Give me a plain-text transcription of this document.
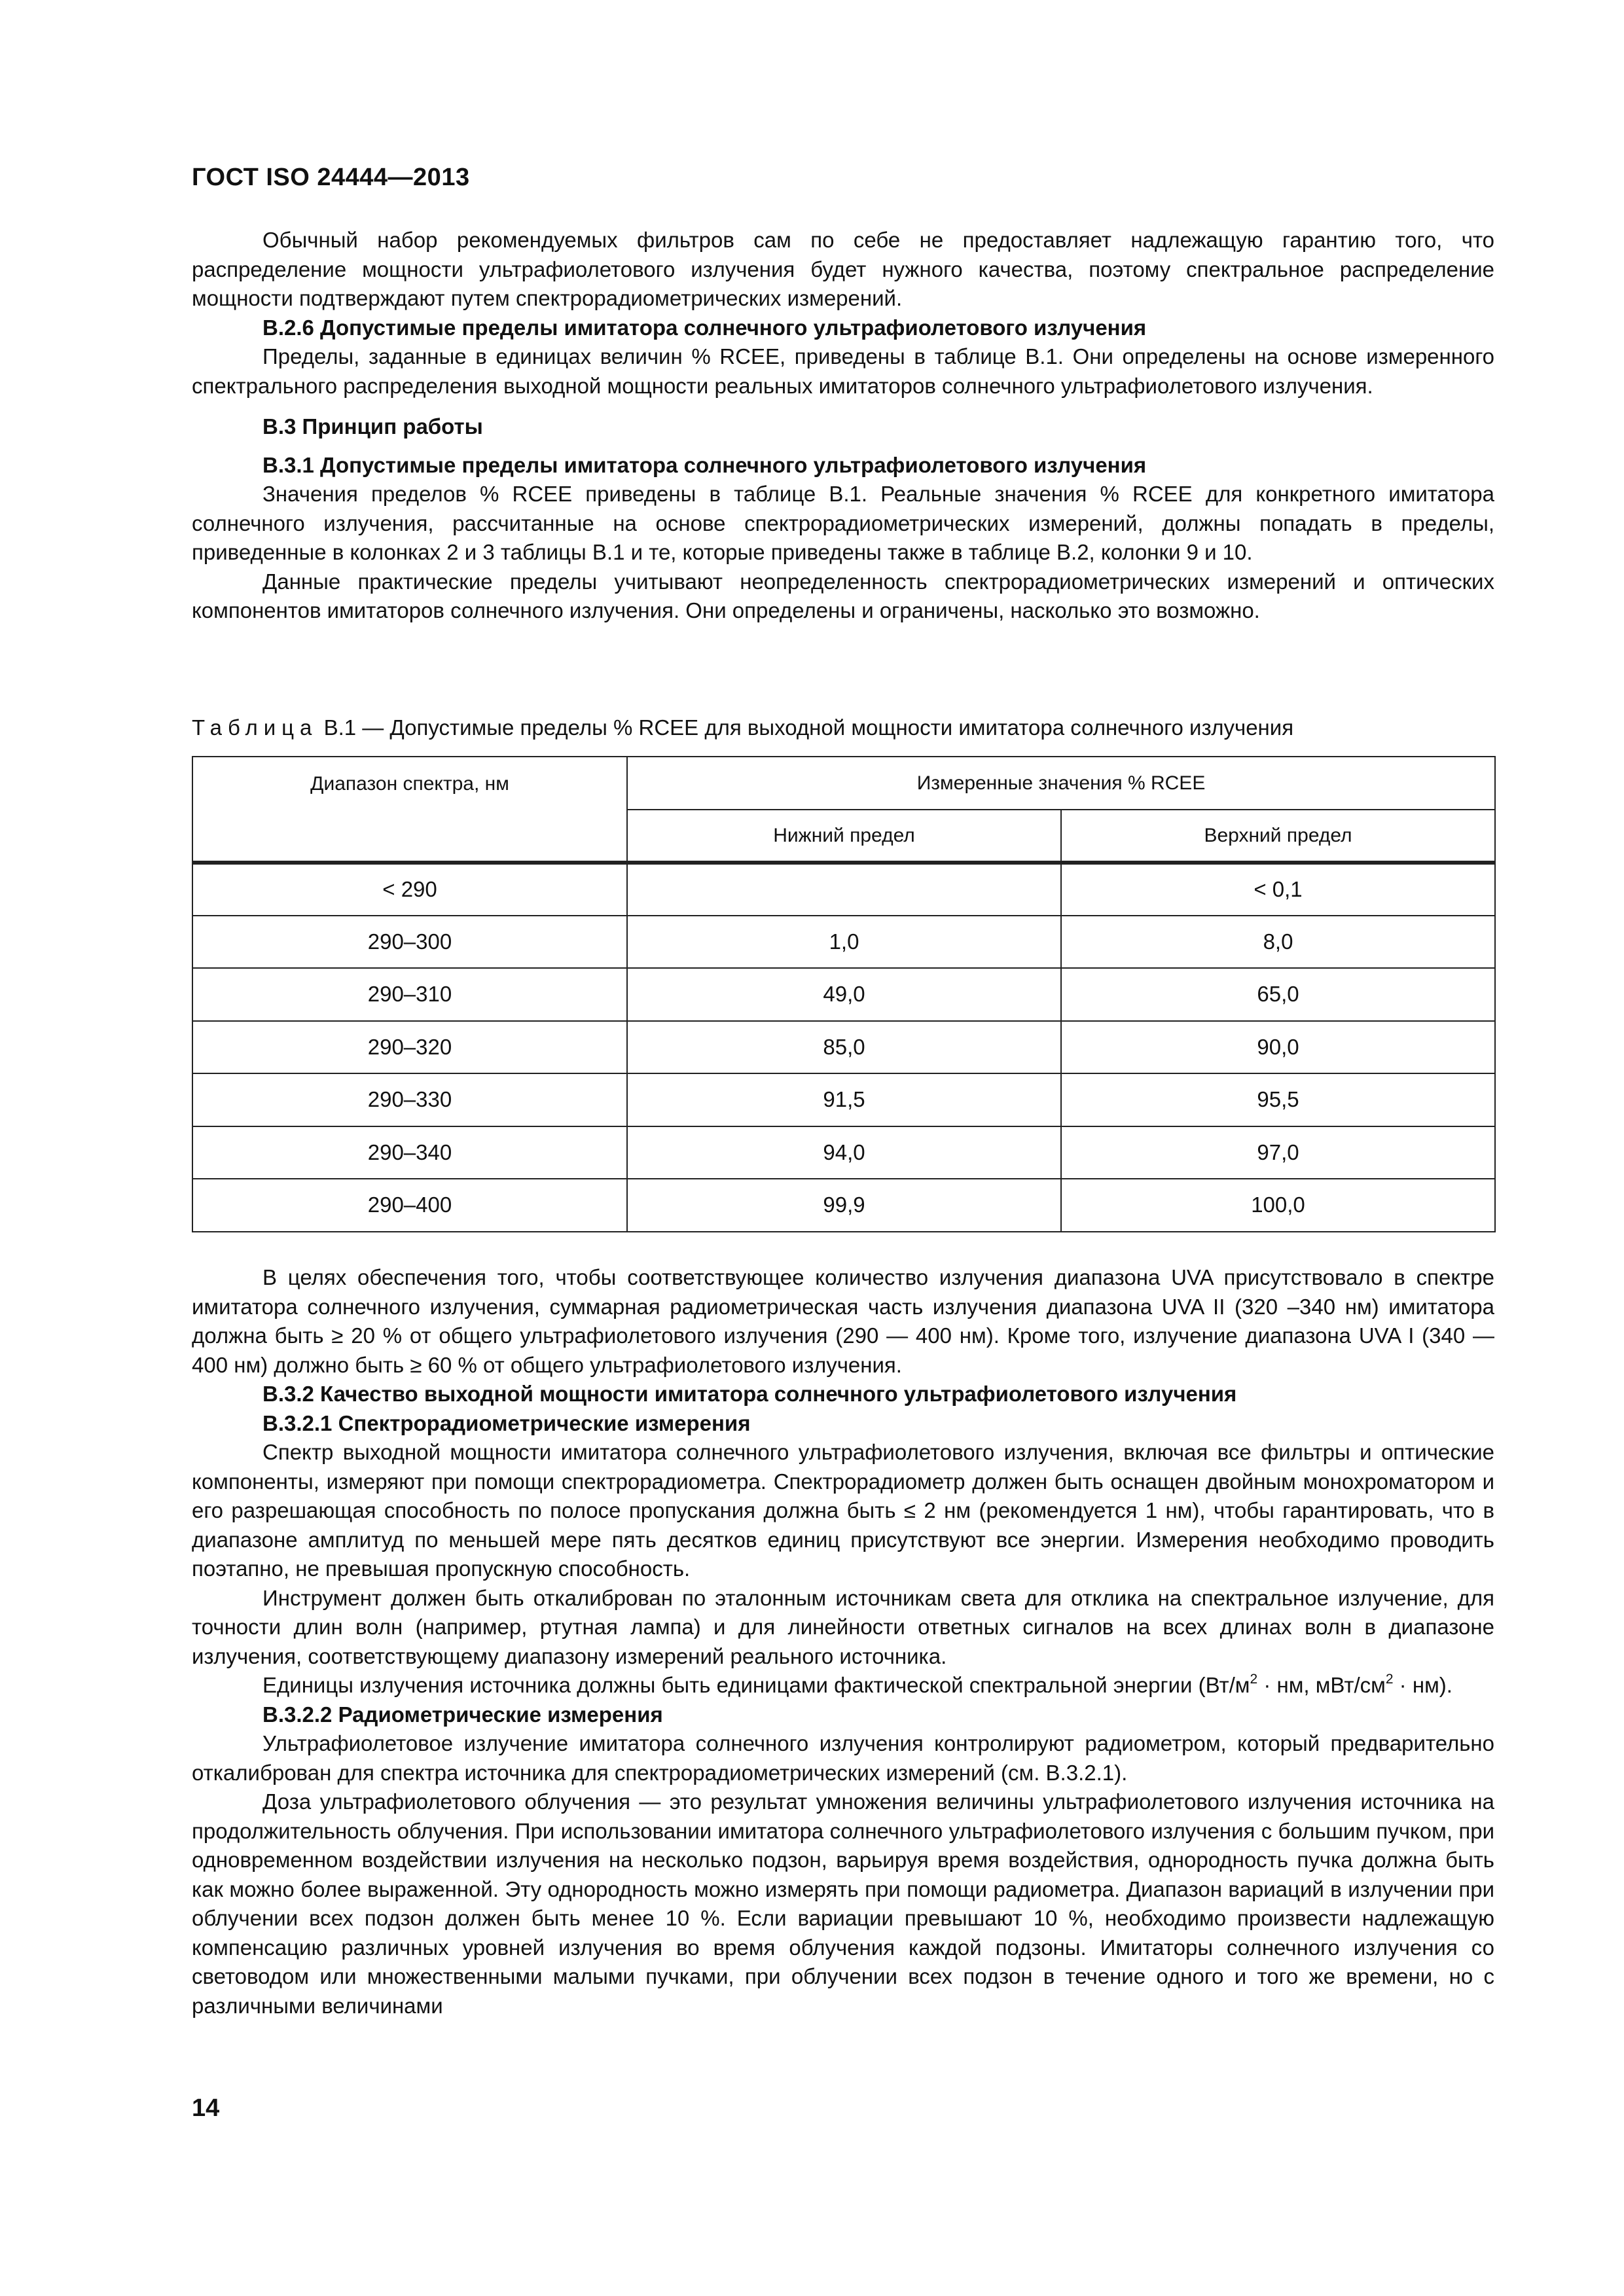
ГОСТ ISO 24444—2013

Обычный набор рекомендуемых фильтров сам по себе не предоставляет надлежащую гарантию того, что распределение мощности ультрафиолетового излучения будет нужного качества, поэтому спектральное распределение мощности подтверждают путем спектрорадиометрических измерений.

В.2.6 Допустимые пределы имитатора солнечного ультрафиолетового излучения

Пределы, заданные в единицах величин % RCEE, приведены в таблице В.1. Они определены на основе измеренного спектрального распределения выходной мощности реальных имитаторов солнечного ультрафиолетового излучения.

В.3 Принцип работы

В.3.1 Допустимые пределы имитатора солнечного ультрафиолетового излучения

Значения пределов % RCEE приведены в таблице В.1. Реальные значения % RCEE для конкретного имитатора солнечного излучения, рассчитанные на основе спектрорадиометрических измерений, должны попадать в пределы, приведенные в колонках 2 и 3 таблицы В.1 и те, которые приведены также в таблице В.2, колонки 9 и 10.

Данные практические пределы учитывают неопределенность спектрорадиометрических измерений и оптических компонентов имитаторов солнечного излучения. Они определены и ограничены, насколько это возможно.

Таблица В.1 — Допустимые пределы % RCEE для выходной мощности имитатора солнечного излучения
Диапазон спектра, нм	Измеренные значения % RCEE	
	Нижний предел	Верхний предел
< 290		< 0,1
290–300	1,0	8,0
290–310	49,0	65,0
290–320	85,0	90,0
290–330	91,5	95,5
290–340	94,0	97,0
290–400	99,9	100,0

В целях обеспечения того, чтобы соответствующее количество излучения диапазона UVA присутствовало в спектре имитатора солнечного излучения, суммарная радиометрическая часть излучения диапазона UVA II (320 –340 нм) имитатора должна быть ≥ 20 % от общего ультрафиолетового излучения (290 — 400 нм). Кроме того, излучение диапазона UVA I (340 — 400 нм) должно быть ≥ 60 % от общего ультрафиолетового излучения.

В.3.2 Качество выходной мощности имитатора солнечного ультрафиолетового излучения

В.3.2.1 Спектрорадиометрические измерения

Спектр выходной мощности имитатора солнечного ультрафиолетового излучения, включая все фильтры и оптические компоненты, измеряют при помощи спектрорадиометра. Спектрорадиометр должен быть оснащен двойным монохроматором и его разрешающая способность по полосе пропускания должна быть ≤ 2 нм (рекомендуется 1 нм), чтобы гарантировать, что в диапазоне амплитуд по меньшей мере пять десятков единиц присутствуют все энергии. Измерения необходимо проводить поэтапно, не превышая пропускную способность.

Инструмент должен быть откалиброван по эталонным источникам света для отклика на спектральное излучение, для точности длин волн (например, ртутная лампа) и для линейности ответных сигналов на всех длинах волн в диапазоне излучения, соответствующему диапазону измерений реального источника.

Единицы излучения источника должны быть единицами фактической спектральной энергии ($Вт/м^2$ · нм, мВт/$см^2 \cdot нм$).

В.3.2.2 Радиометрические измерения

Ультрафиолетовое излучение имитатора солнечного излучения контролируют радиометром, который предварительно откалиброван для спектра источника для спектрорадиометрических измерений (см. В.3.2.1).

Доза ультрафиолетового облучения — это результат умножения величины ультрафиолетового излучения источника на продолжительность облучения. При использовании имитатора солнечного ультрафиолетового излучения с большим пучком, при одновременном воздействии излучения на несколько подзон, варьируя время воздействия, однородность пучка должна быть как можно более выраженной. Эту однородность можно измерять при помощи радиометра. Диапазон вариаций в излучении при облучении всех подзон должен быть менее 10 %. Если вариации превышают 10 %, необходимо произвести надлежащую компенсацию различных уровней излучения во время облучения каждой подзоны. Имитаторы солнечного излучения со световодом или множественными малыми пучками, при облучении всех подзон в течение одного и того же времени, но с различными величинами

14
